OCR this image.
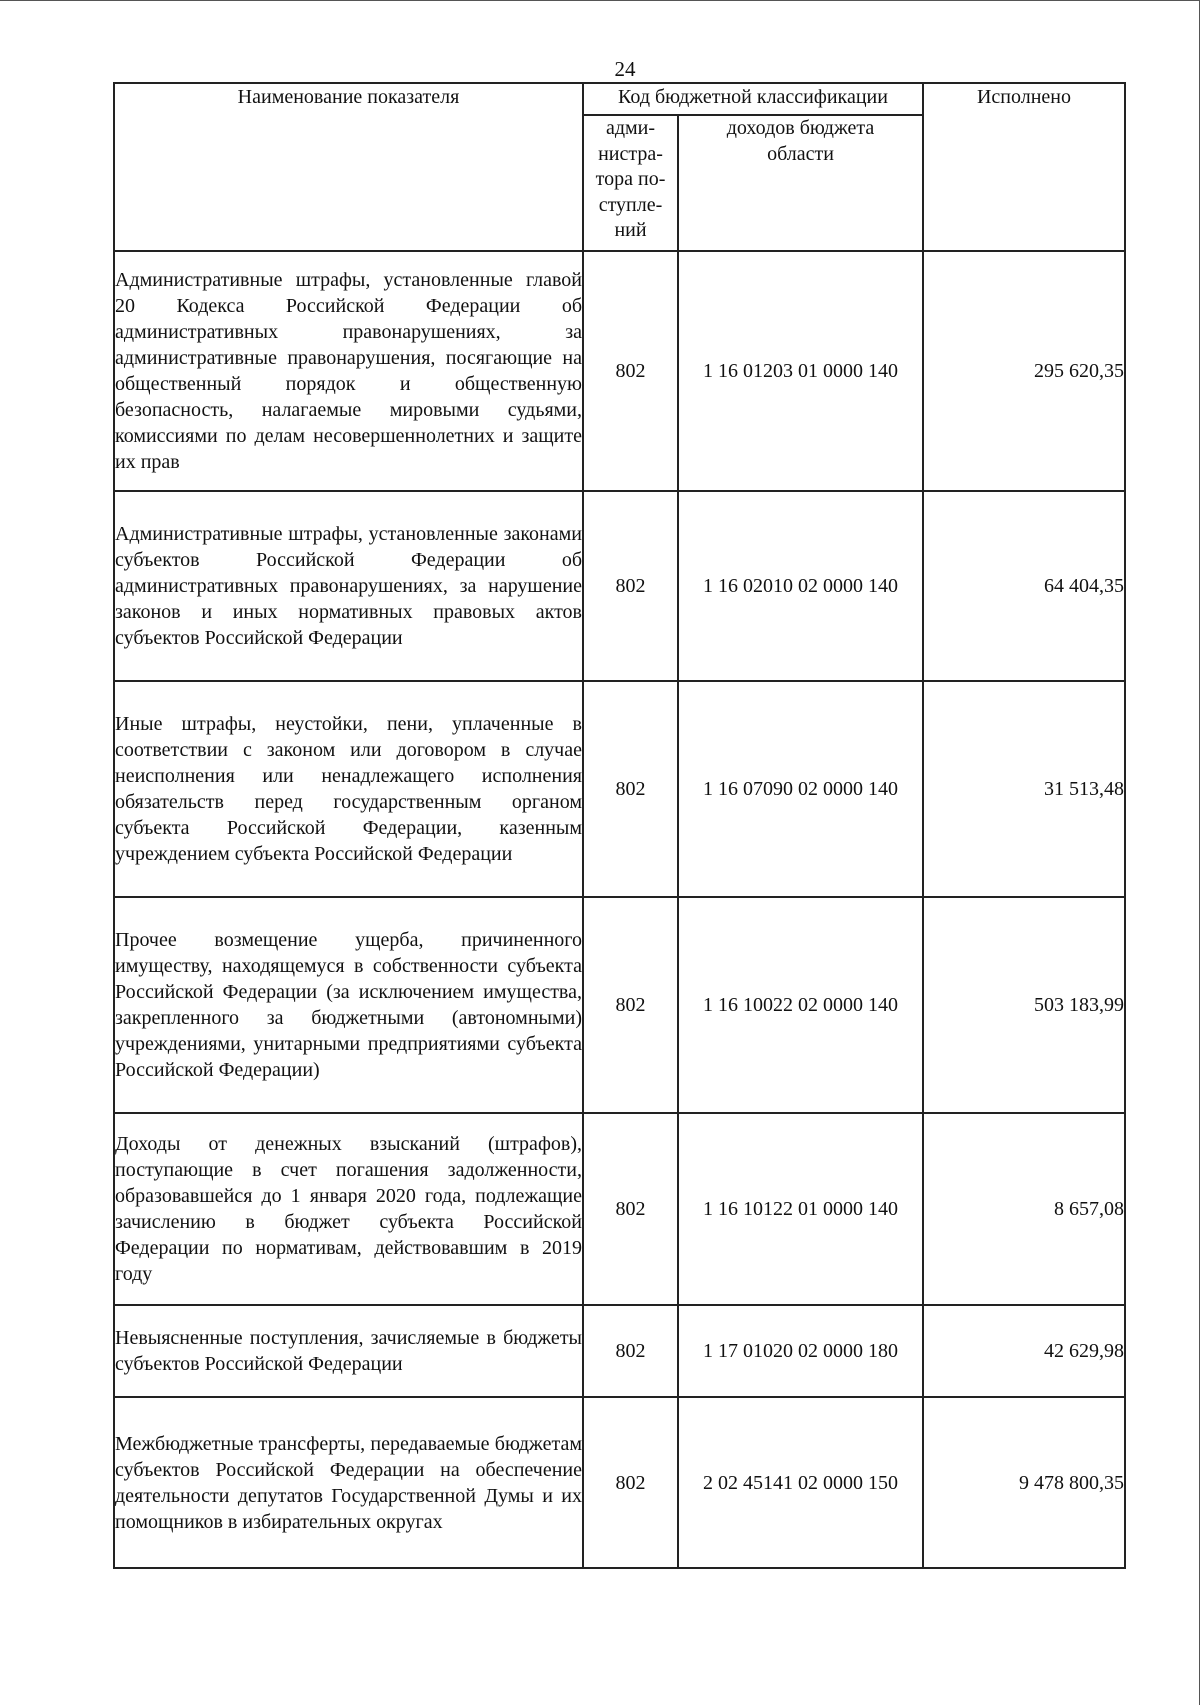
24
Наименование показателя	Код бюджетной классификации		Исполнено

	адми-
нистра-
тора по-
ступле-
ний	доходов бюджета
области	

Административные штрафы, установленные главой 20 Кодекса Российской Федерации об административных правонарушениях, за административные правонарушения, посягающие на общественный порядок и общественную безопасность, налагаемые мировыми судьями, комиссиями по делам несовершеннолетних и защите их прав	802	1 16 01203 01 0000 140	295 620,35

Административные штрафы, установленные законами субъектов Российской Федерации об административных правонарушениях, за нарушение законов и иных нормативных правовых актов субъектов Российской Федерации	802	1 16 02010 02 0000 140	64 404,35

Иные штрафы, неустойки, пени, уплаченные в соответствии с законом или договором в случае неисполнения или ненадлежащего исполнения обязательств перед государственным органом субъекта Российской Федерации, казенным учреждением субъекта Российской Федерации	802	1 16 07090 02 0000 140	31 513,48

Прочее возмещение ущерба, причиненного имуществу, находящемуся в собственности субъекта Российской Федерации (за исключением имущества, закрепленного за бюджетными (автономными) учреждениями, унитарными предприятиями субъекта Российской Федерации)	802	1 16 10022 02 0000 140	503 183,99

Доходы от денежных взысканий (штрафов), поступающие в счет погашения задолженности, образовавшейся до 1 января 2020 года, подлежащие зачислению в бюджет субъекта Российской Федерации по нормативам, действовавшим в 2019 году	802	1 16 10122 01 0000 140	8 657,08

Невыясненные поступления, зачисляемые в бюджеты субъектов Российской Федерации	802	1 17 01020 02 0000 180	42 629,98

Межбюджетные трансферты, передаваемые бюджетам субъектов Российской Федерации на обеспечение деятельности депутатов Государственной Думы и их помощников в избирательных округах	802	2 02 45141 02 0000 150	9 478 800,35
